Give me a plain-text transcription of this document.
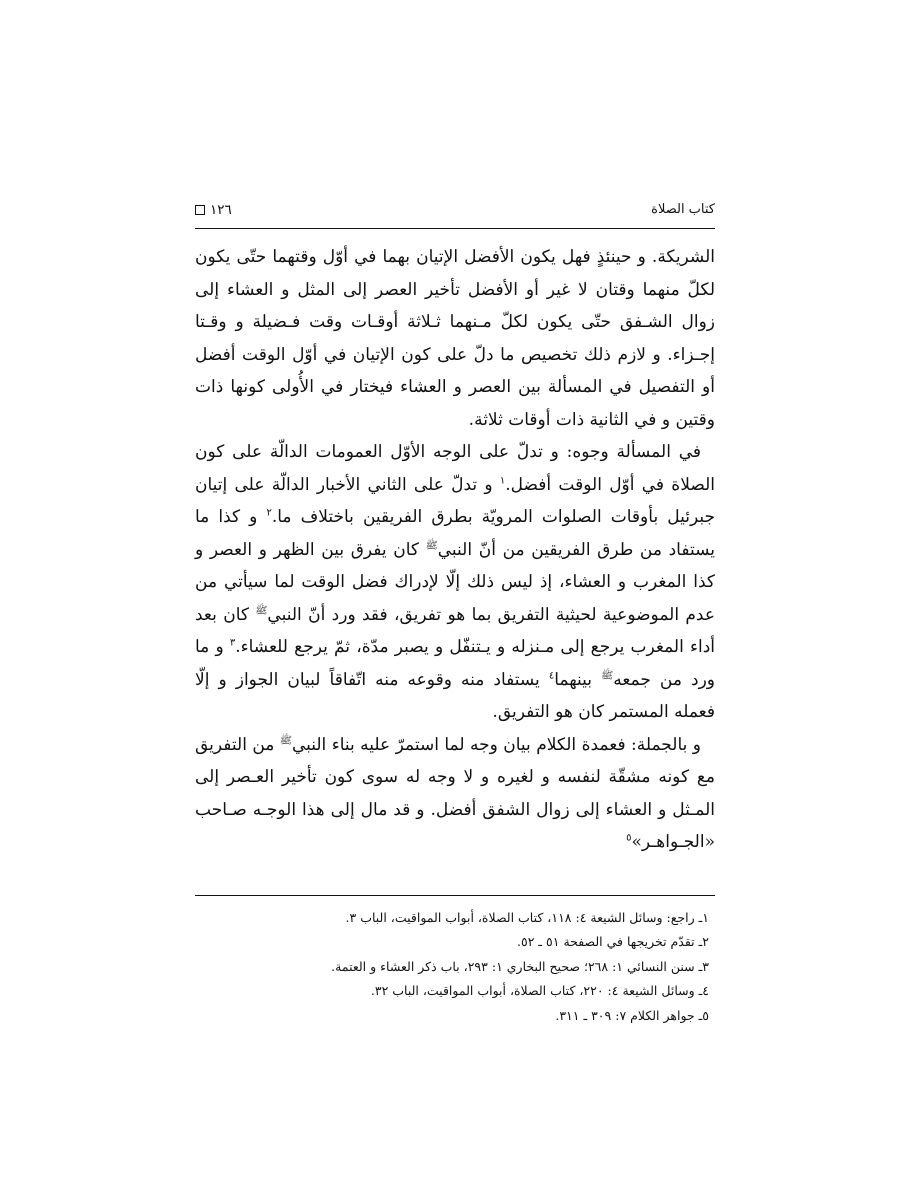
١٢٦	كتاب الصلاة

الشريكة. و حينئذٍ فهل يكون الأفضل الإتيان بهما في أوّل وقتهما حتّى يكون لكلّ منهما وقتان لا غير أو الأفضل تأخير العصر إلى المثل و العشاء إلى زوال الشـفق حتّى يكون لكلّ مـنهما ثـلاثة أوقـات وقت فـضيلة و وقـتا إجـزاء. و لازم ذلك تخصيص ما دلّ على كون الإتيان في أوّل الوقت أفضل أو التفصيل في المسألة بين العصر و العشاء فيختار في الأُولى كونها ذات وقتين و في الثانية ذات أوقات ثلاثة.

في المسألة وجوه: و تدلّ على الوجه الأوّل العمومات الدالّة على كون الصلاة في أوّل الوقت أفضل.$^١$ و تدلّ على الثاني الأخبار الدالّة على إتيان جبرئيل بأوقات الصلوات المرويّة بطرق الفريقين باختلاف ما.$^٢$ و كذا ما يستفاد من طرق الفريقين من أنّ النبي$^ﷺ$ كان يفرق بين الظهر و العصر و كذا المغرب و العشاء، إذ ليس ذلك إلّا لإدراك فضل الوقت لما سيأتي من عدم الموضوعية لحيثية التفريق بما هو تفريق، فقد ورد أنّ النبي$^ﷺ$ كان بعد أداء المغرب يرجع إلى مـنزله و يـتنفّل و يصبر مدّة، ثمّ يرجع للعشاء.$^٣$ و ما ورد من جمعه$^ﷺ$ بينهما$^٤$ يستفاد منه وقوعه منه اتّفاقاً لبيان الجواز و إلّا فعمله المستمر كان هو التفريق.

و بالجملة: فعمدة الكلام بيان وجه لما استمرّ عليه بناء النبي$^ﷺ$ من التفريق مع كونه مشقّة لنفسه و لغيره و لا وجه له سوى كون تأخير العـصر إلى المـثل و العشاء إلى زوال الشفق أفضل. و قد مال إلى هذا الوجـه صـاحب «الجـواهـر»$^٥$

١ـ راجع: وسائل الشيعة ٤: ١١٨، كتاب الصلاة، أبواب المواقيت، الباب ٣.

٢ـ تقدّم تخريجها في الصفحة ٥١ ـ ٥٢.

٣ـ سنن النسائي ١: ٢٦٨؛ صحيح البخاري ١: ٢٩٣، باب ذكر العشاء و العتمة.

٤ـ وسائل الشيعة ٤: ٢٢٠، كتاب الصلاة، أبواب المواقيت، الباب ٣٢.

٥ـ جواهر الكلام ٧: ٣٠٩ ـ ٣١١.
